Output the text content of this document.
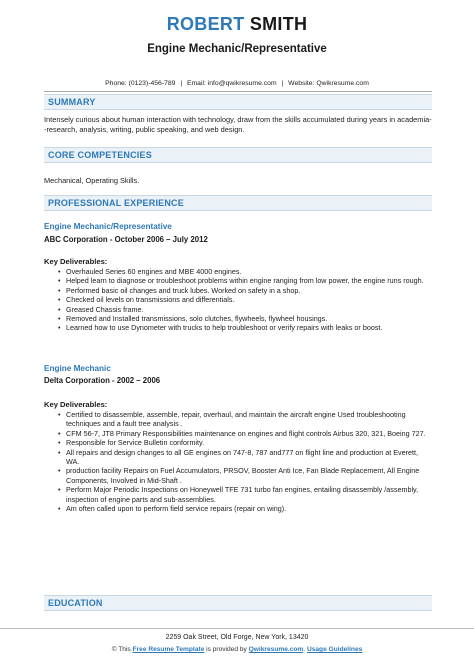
ROBERT SMITH
Engine Mechanic/Representative
Phone: (0123)-456-789 | Email: info@qwikresume.com | Website: Qwikresume.com
SUMMARY
Intensely curious about human interaction with technology, draw from the skills accumulated during years in academia--research, analysis, writing, public speaking, and web design.
CORE COMPETENCIES
Mechanical, Operating Skills.
PROFESSIONAL EXPERIENCE
Engine Mechanic/Representative
ABC Corporation - October 2006 – July 2012
Key Deliverables:
• Overhauled Series 60 engines and MBE 4000 engines.
• Helped learn to diagnose or troubleshoot problems within engine ranging from low power, the engine runs rough.
• Performed basic oil changes and truck lubes. Worked on safety in a shop.
• Checked oil levels on transmissions and differentials.
• Greased Chassis frame.
• Removed and Installed transmissions, solo clutches, flywheels, flywheel housings.
• Learned how to use Dynometer with trucks to help troubleshoot or verify repairs with leaks or boost.
Engine Mechanic
Delta Corporation - 2002 – 2006
Key Deliverables:
• Certified to disassemble, assemble, repair, overhaul, and maintain the aircraft engine Used troubleshooting techniques and a fault tree analysis .
• CFM 56-7, JT8 Primary Responsibilities maintenance on engines and flight controls Airbus 320, 321, Boeing 727.
• Responsible for Service Bulletin conformity.
• All repairs and design changes to all GE engines on 747-8, 787 and777 on flight line and production at Everett, WA.
• production facility Repairs on Fuel Accumulators, PRSOV, Booster Anti Ice, Fan Blade Replacement, All Engine Components, Involved in Mid-Shaft .
• Perform Major Periodic Inspections on Honeywell TFE 731 turbo fan engines, entailing disassembly /assembly, inspection of engine parts and sub-assemblies.
• Am often called upon to perform field service repairs (repair on wing).
EDUCATION
2259 Oak Street, Old Forge, New York, 13420
© This Free Resume Template is provided by Qwikresume.com. Usage Guidelines
